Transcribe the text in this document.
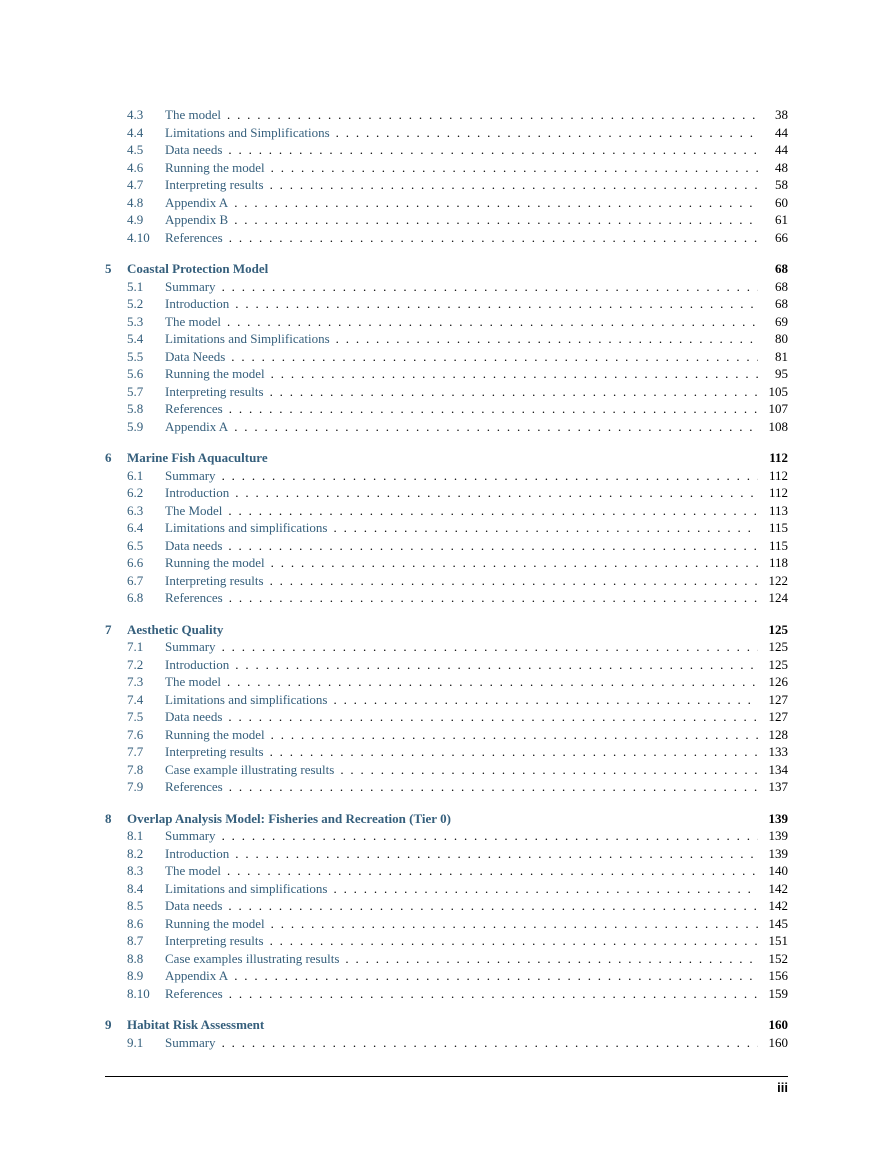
4.3	The model . . .	38
4.4	Limitations and Simplifications . . .	44
4.5	Data needs . . .	44
4.6	Running the model . . .	48
4.7	Interpreting results . . .	58
4.8	Appendix A . . .	60
4.9	Appendix B . . .	61
4.10	References . . .	66
5	Coastal Protection Model	68
5.1	Summary . . .	68
5.2	Introduction . . .	68
5.3	The model . . .	69
5.4	Limitations and Simplifications . . .	80
5.5	Data Needs . . .	81
5.6	Running the model . . .	95
5.7	Interpreting results . . .	105
5.8	References . . .	107
5.9	Appendix A . . .	108
6	Marine Fish Aquaculture	112
6.1	Summary . . .	112
6.2	Introduction . . .	112
6.3	The Model . . .	113
6.4	Limitations and simplifications . . .	115
6.5	Data needs . . .	115
6.6	Running the model . . .	118
6.7	Interpreting results . . .	122
6.8	References . . .	124
7	Aesthetic Quality	125
7.1	Summary . . .	125
7.2	Introduction . . .	125
7.3	The model . . .	126
7.4	Limitations and simplifications . . .	127
7.5	Data needs . . .	127
7.6	Running the model . . .	128
7.7	Interpreting results . . .	133
7.8	Case example illustrating results . . .	134
7.9	References . . .	137
8	Overlap Analysis Model: Fisheries and Recreation (Tier 0)	139
8.1	Summary . . .	139
8.2	Introduction . . .	139
8.3	The model . . .	140
8.4	Limitations and simplifications . . .	142
8.5	Data needs . . .	142
8.6	Running the model . . .	145
8.7	Interpreting results . . .	151
8.8	Case examples illustrating results . . .	152
8.9	Appendix A . . .	156
8.10	References . . .	159
9	Habitat Risk Assessment	160
9.1	Summary . . .	160
iii
